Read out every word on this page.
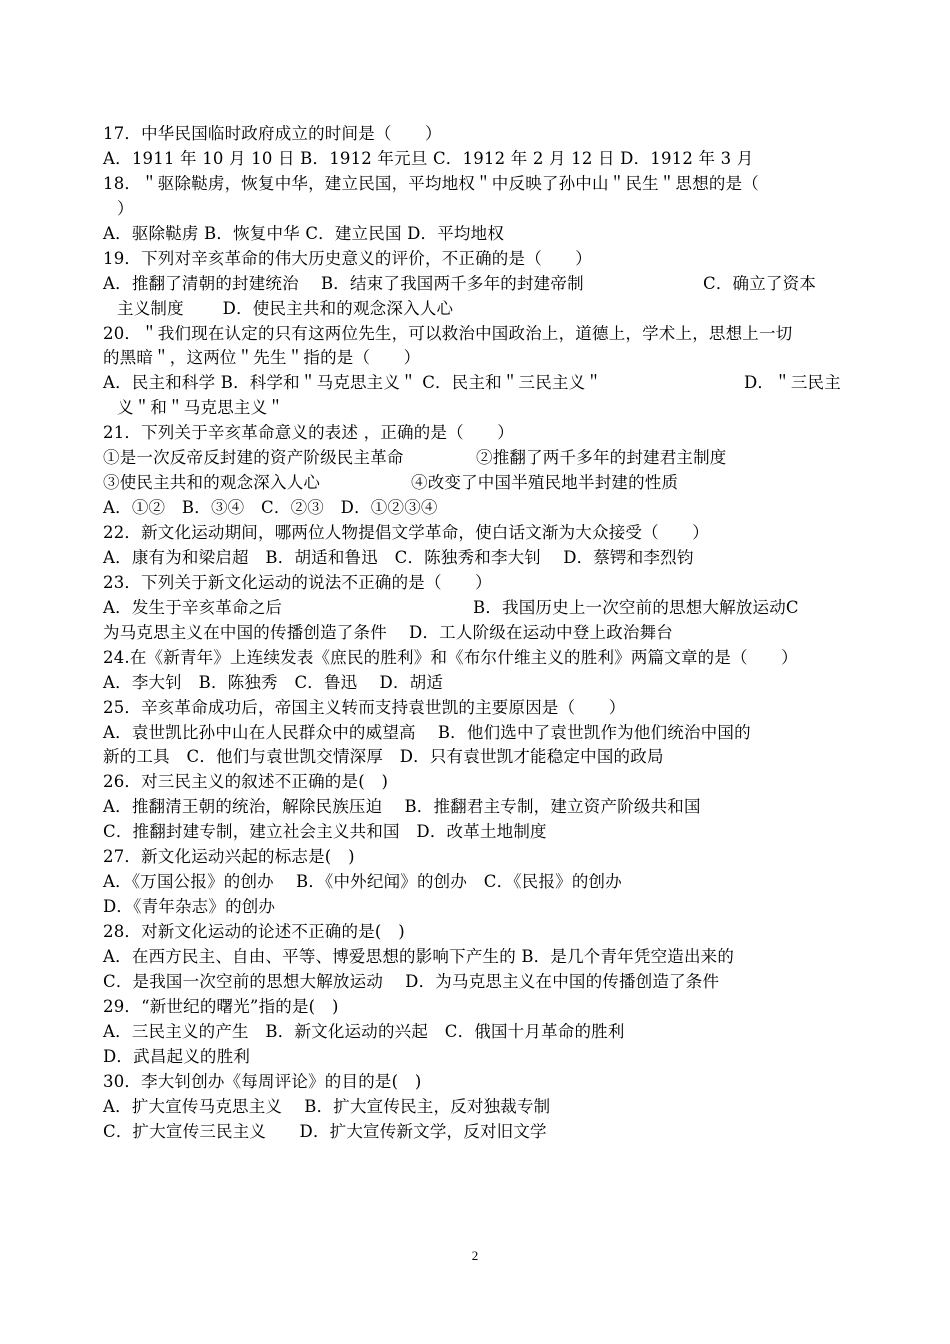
17．中华民国临时政府成立的时间是（　　）
A．1911 年 10 月 10 日 B．1912 年元旦 C．1912 年 2 月 12 日 D．1912 年 3 月
18．＂驱除鞑虏，恢复中华，建立民国，平均地权＂中反映了孙中山＂民生＂思想的是（
）
A．驱除鞑虏 B．恢复中华 C．建立民国 D．平均地权
19．下列对辛亥革命的伟大历史意义的评价，不正确的是（　　）
A．推翻了清朝的封建统治　 B．结束了我国两千多年的封建帝制	C．确立了资本
主义制度　　 D．使民主共和的观念深入人心
20．＂我们现在认定的只有这两位先生，可以救治中国政治上，道德上，学术上，思想上一切
的黑暗＂，这两位＂先生＂指的是（　　）
A．民主和科学 B．科学和＂马克思主义＂ C．民主和＂三民主义＂	D．＂三民主
义＂和＂马克思主义＂
21．下列关于辛亥革命意义的表述 ，正确的是（　　）
①是一次反帝反封建的资产阶级民主革命	②推翻了两千多年的封建君主制度
③使民主共和的观念深入人心	④改变了中国半殖民地半封建的性质
A．①②　B．③④　C．②③　D．①②③④
22．新文化运动期间，哪两位人物提倡文学革命，使白话文渐为大众接受（　　）
A．康有为和梁启超　B．胡适和鲁迅　C．陈独秀和李大钊　 D．蔡锷和李烈钧
23．下列关于新文化运动的说法不正确的是（　　）
A．发生于辛亥革命之后	B．我国历史上一次空前的思想大解放运动C
为马克思主义在中国的传播创造了条件　 D．工人阶级在运动中登上政治舞台
24.在《新青年》上连续发表《庶民的胜利》和《布尔什维主义的胜利》两篇文章的是（　　）
A．李大钊　B．陈独秀　C．鲁迅　 D．胡适
25．辛亥革命成功后，帝国主义转而支持袁世凯的主要原因是（　　）
A．袁世凯比孙中山在人民群众中的威望高　 B．他们选中了袁世凯作为他们统治中国的
新的工具　C．他们与袁世凯交情深厚　D．只有袁世凯才能稳定中国的政局
26．对三民主义的叙述不正确的是(　)
A．推翻清王朝的统治，解除民族压迫　 B．推翻君主专制，建立资产阶级共和国
C．推翻封建专制，建立社会主义共和国　D．改革土地制度
27．新文化运动兴起的标志是(　)
A．《万国公报》的创办　 B．《中外纪闻》的创办　C．《民报》的创办
D．《青年杂志》的创办
28．对新文化运动的论述不正确的是(　)
A．在西方民主、自由、平等、博爱思想的影响下产生的 B．是几个青年凭空造出来的
C．是我国一次空前的思想大解放运动　 D．为马克思主义在中国的传播创造了条件
29．“新世纪的曙光”指的是(　)
A．三民主义的产生　B．新文化运动的兴起　C．俄国十月革命的胜利
D．武昌起义的胜利
30．李大钊创办《每周评论》的目的是(　)
A．扩大宣传马克思主义　 B．扩大宣传民主，反对独裁专制
C．扩大宣传三民主义　　D．扩大宣传新文学，反对旧文学
2
